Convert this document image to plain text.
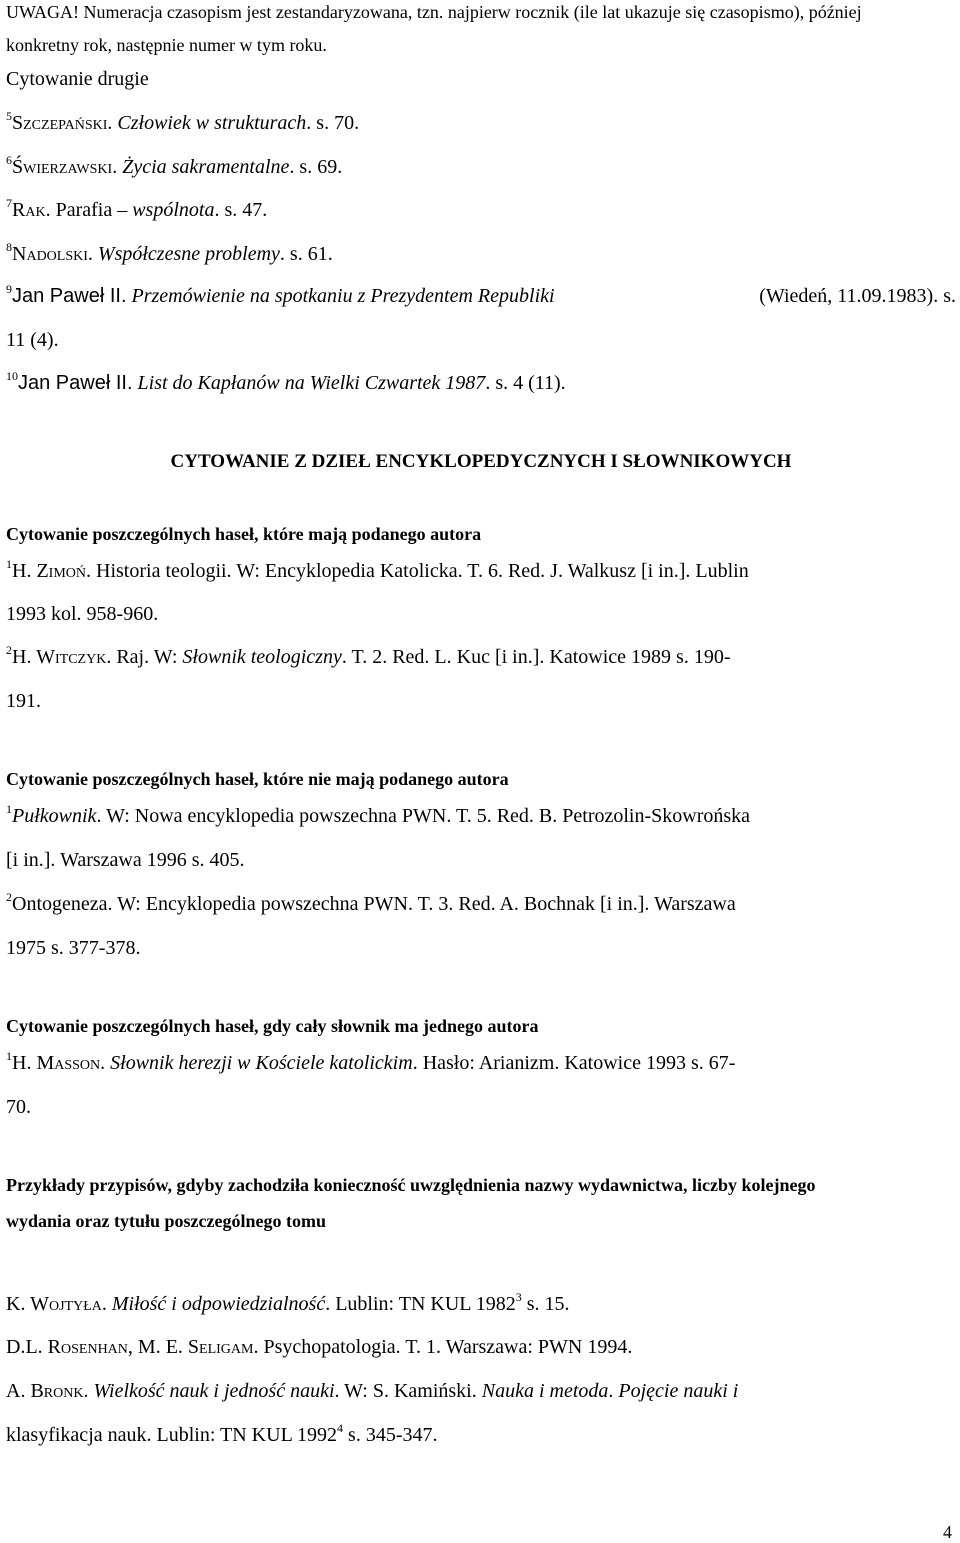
UWAGA! Numeracja czasopism jest zestandaryzowana, tzn. najpierw rocznik (ile lat ukazuje się czasopismo), później
konkretny rok, następnie numer w tym roku.
Cytowanie drugie
$^5$Szczepański. Człowiek w strukturach. s. 70.
$^6$Świerzawski. Życia sakramentalne. s. 69.
$^7$Rak. Parafia – wspólnota. s. 47.
$^8$Nadolski. Współczesne problemy. s. 61.
$^9$Jan Paweł II. Przemówienie na spotkaniu z Prezydentem Republiki	(Wiedeń, 11.09.1983). s.
11 (4).
$^{10}$Jan Paweł II. List do Kapłanów na Wielki Czwartek 1987. s. 4 (11).
CYTOWANIE Z DZIEŁ ENCYKLOPEDYCZNYCH I SŁOWNIKOWYCH
Cytowanie poszczególnych haseł, które mają podanego autora
$^1$H. Zimoń. Historia teologii. W: Encyklopedia Katolicka. T. 6. Red. J. Walkusz [i in.]. Lublin
1993 kol. 958-960.
$^2$H. Witczyk. Raj. W: Słownik teologiczny. T. 2. Red. L. Kuc [i in.]. Katowice 1989 s. 190-
191.
Cytowanie poszczególnych haseł, które nie mają podanego autora
$^1$Pułkownik. W: Nowa encyklopedia powszechna PWN. T. 5. Red. B. Petrozolin-Skowrońska
[i in.]. Warszawa 1996 s. 405.
$^2$Ontogeneza. W: Encyklopedia powszechna PWN. T. 3. Red. A. Bochnak [i in.]. Warszawa
1975 s. 377-378.
Cytowanie poszczególnych haseł, gdy cały słownik ma jednego autora
$^1$H. Masson. Słownik herezji w Kościele katolickim. Hasło: Arianizm. Katowice 1993 s. 67-
70.
Przykłady przypisów, gdyby zachodziła konieczność uwzględnienia nazwy wydawnictwa, liczby kolejnego
wydania oraz tytułu poszczególnego tomu
K. Wojtyła. Miłość i odpowiedzialność. Lublin: TN KUL 1982$^3$ s. 15.
D.L. Rosenhan, M. E. Seligam. Psychopatologia. T. 1. Warszawa: PWN 1994.
A. Bronk. Wielkość nauk i jedność nauki. W: S. Kamiński. Nauka i metoda. Pojęcie nauki i
klasyfikacja nauk. Lublin: TN KUL 1992$^4$ s. 345-347.
4
